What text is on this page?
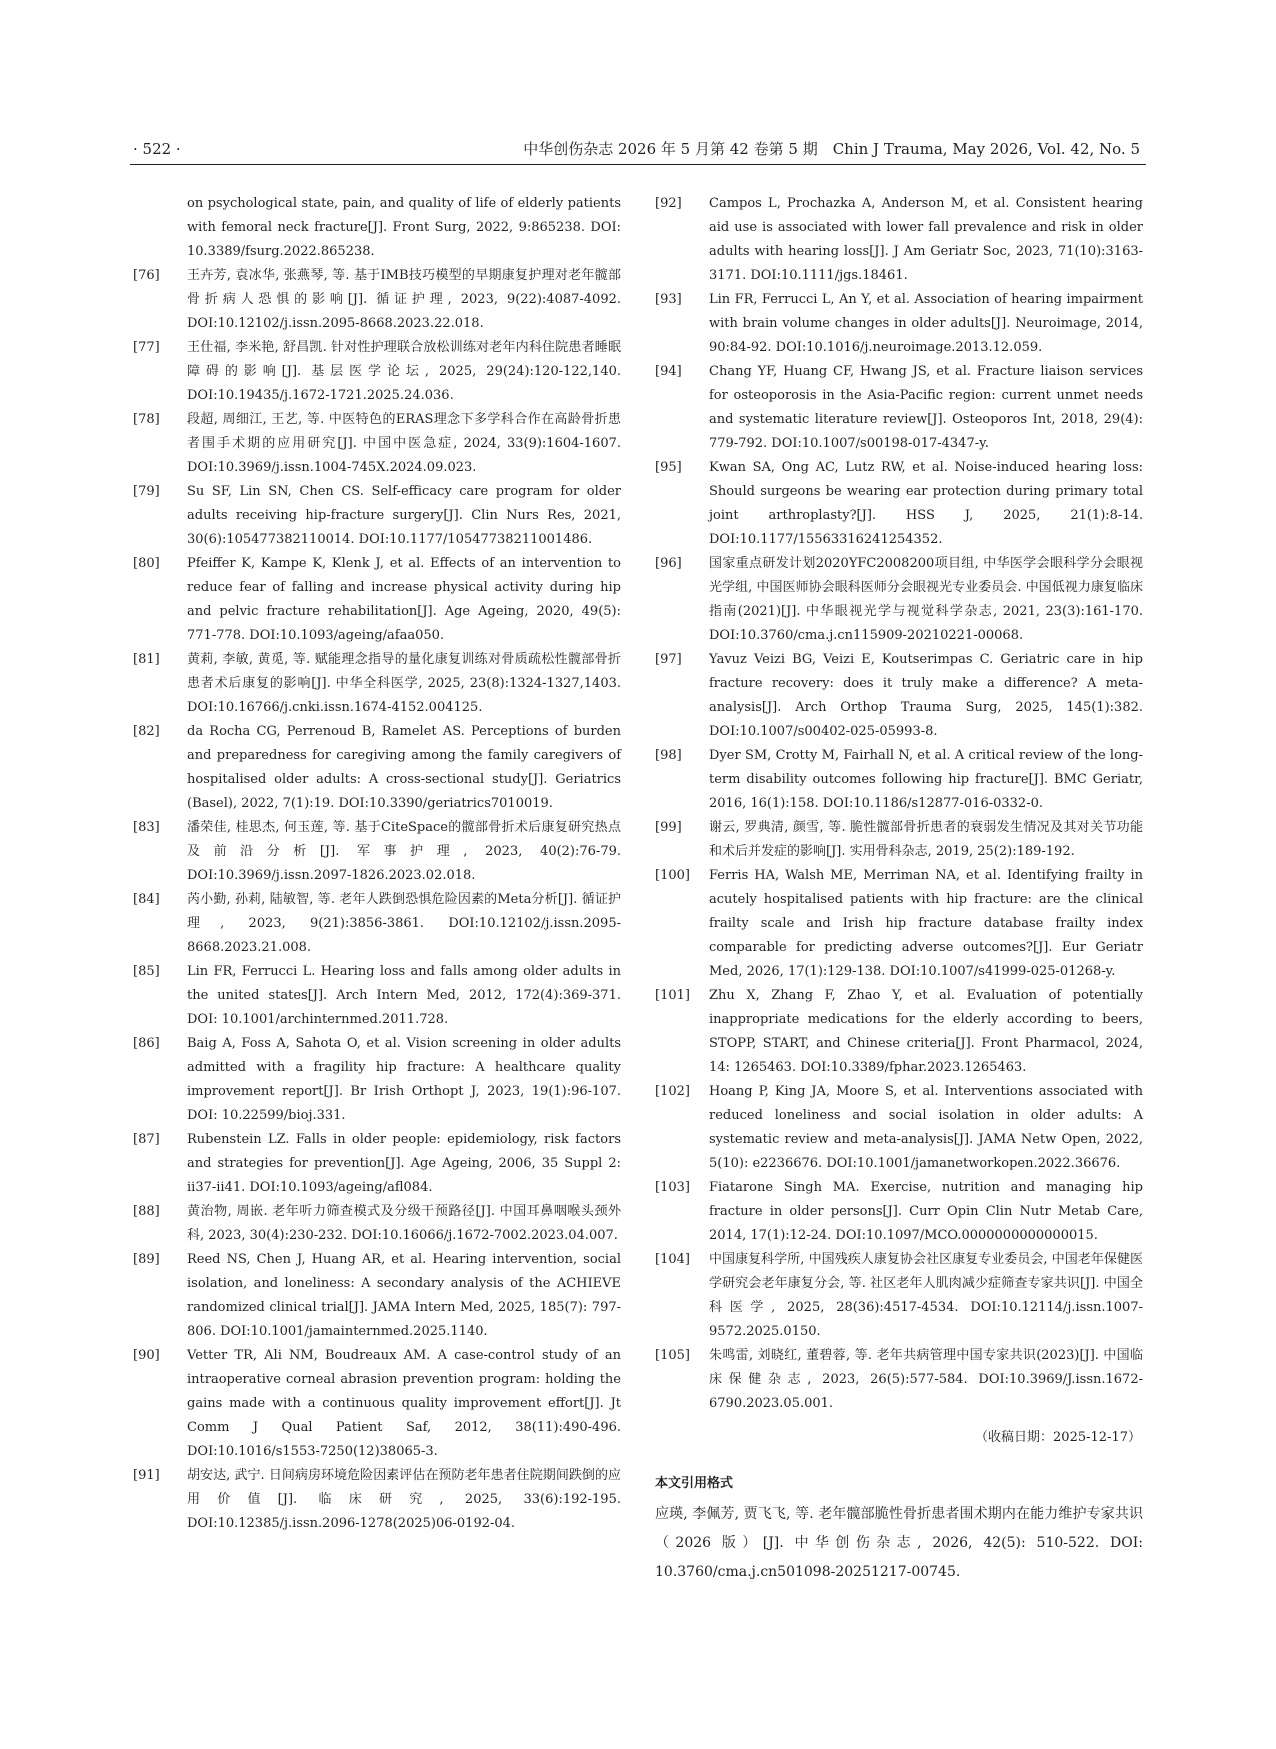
· 522 ·	中华创伤杂志 2026 年 5 月第 42 卷第 5 期　Chin J Trauma, May 2026, Vol. 42, No. 5
on psychological state, pain, and quality of life of elderly patients with femoral neck fracture[J]. Front Surg, 2022, 9:865238. DOI: 10.3389/fsurg.2022.865238.
[76] 王卉芳, 袁冰华, 张燕琴, 等. 基于IMB技巧模型的早期康复护理对老年髋部骨折病人恐惧的影响[J]. 循证护理, 2023, 9(22):4087-4092. DOI:10.12102/j.issn.2095-8668.2023.22.018.
[77] 王仕福, 李米艳, 舒昌凯. 针对性护理联合放松训练对老年内科住院患者睡眠障碍的影响[J]. 基层医学论坛, 2025, 29(24):120-122,140. DOI:10.19435/j.1672-1721.2025.24.036.
[78] 段超, 周细江, 王艺, 等. 中医特色的ERAS理念下多学科合作在高龄骨折患者围手术期的应用研究[J]. 中国中医急症, 2024, 33(9):1604-1607. DOI:10.3969/j.issn.1004-745X.2024.09.023.
[79] Su SF, Lin SN, Chen CS. Self-efficacy care program for older adults receiving hip-fracture surgery[J]. Clin Nurs Res, 2021, 30(6):105477382110014. DOI:10.1177/10547738211001486.
[80] Pfeiffer K, Kampe K, Klenk J, et al. Effects of an intervention to reduce fear of falling and increase physical activity during hip and pelvic fracture rehabilitation[J]. Age Ageing, 2020, 49(5): 771-778. DOI:10.1093/ageing/afaa050.
[81] 黄莉, 李敏, 黄觅, 等. 赋能理念指导的量化康复训练对骨质疏松性髋部骨折患者术后康复的影响[J]. 中华全科医学, 2025, 23(8):1324-1327,1403. DOI:10.16766/j.cnki.issn.1674-4152.004125.
[82] da Rocha CG, Perrenoud B, Ramelet AS. Perceptions of burden and preparedness for caregiving among the family caregivers of hospitalised older adults: A cross-sectional study[J]. Geriatrics (Basel), 2022, 7(1):19. DOI:10.3390/geriatrics7010019.
[83] 潘荣佳, 桂思杰, 何玉莲, 等. 基于CiteSpace的髋部骨折术后康复研究热点及前沿分析[J]. 军事护理, 2023, 40(2):76-79. DOI:10.3969/j.issn.2097-1826.2023.02.018.
[84] 芮小勤, 孙莉, 陆敏智, 等. 老年人跌倒恐惧危险因素的Meta分析[J]. 循证护理, 2023, 9(21):3856-3861. DOI:10.12102/j.issn.2095-8668.2023.21.008.
[85] Lin FR, Ferrucci L. Hearing loss and falls among older adults in the united states[J]. Arch Intern Med, 2012, 172(4):369-371. DOI: 10.1001/archinternmed.2011.728.
[86] Baig A, Foss A, Sahota O, et al. Vision screening in older adults admitted with a fragility hip fracture: A healthcare quality improvement report[J]. Br Irish Orthopt J, 2023, 19(1):96-107. DOI: 10.22599/bioj.331.
[87] Rubenstein LZ. Falls in older people: epidemiology, risk factors and strategies for prevention[J]. Age Ageing, 2006, 35 Suppl 2: ii37-ii41. DOI:10.1093/ageing/afl084.
[88] 黄治物, 周嵌. 老年听力筛查模式及分级干预路径[J]. 中国耳鼻咽喉头颈外科, 2023, 30(4):230-232. DOI:10.16066/j.1672-7002.2023.04.007.
[89] Reed NS, Chen J, Huang AR, et al. Hearing intervention, social isolation, and loneliness: A secondary analysis of the ACHIEVE randomized clinical trial[J]. JAMA Intern Med, 2025, 185(7): 797-806. DOI:10.1001/jamainternmed.2025.1140.
[90] Vetter TR, Ali NM, Boudreaux AM. A case-control study of an intraoperative corneal abrasion prevention program: holding the gains made with a continuous quality improvement effort[J]. Jt Comm J Qual Patient Saf, 2012, 38(11):490-496. DOI:10.1016/s1553-7250(12)38065-3.
[91] 胡安达, 武宁. 日间病房环境危险因素评估在预防老年患者住院期间跌倒的应用价值[J]. 临床研究, 2025, 33(6):192-195. DOI:10.12385/j.issn.2096-1278(2025)06-0192-04.
[92] Campos L, Prochazka A, Anderson M, et al. Consistent hearing aid use is associated with lower fall prevalence and risk in older adults with hearing loss[J]. J Am Geriatr Soc, 2023, 71(10):3163-3171. DOI:10.1111/jgs.18461.
[93] Lin FR, Ferrucci L, An Y, et al. Association of hearing impairment with brain volume changes in older adults[J]. Neuroimage, 2014, 90:84-92. DOI:10.1016/j.neuroimage.2013.12.059.
[94] Chang YF, Huang CF, Hwang JS, et al. Fracture liaison services for osteoporosis in the Asia-Pacific region: current unmet needs and systematic literature review[J]. Osteoporos Int, 2018, 29(4): 779-792. DOI:10.1007/s00198-017-4347-y.
[95] Kwan SA, Ong AC, Lutz RW, et al. Noise-induced hearing loss: Should surgeons be wearing ear protection during primary total joint arthroplasty?[J]. HSS J, 2025, 21(1):8-14. DOI:10.1177/15563316241254352.
[96] 国家重点研发计划2020YFC2008200项目组, 中华医学会眼科学分会眼视光学组, 中国医师协会眼科医师分会眼视光专业委员会. 中国低视力康复临床指南(2021)[J]. 中华眼视光学与视觉科学杂志, 2021, 23(3):161-170. DOI:10.3760/cma.j.cn115909-20210221-00068.
[97] Yavuz Veizi BG, Veizi E, Koutserimpas C. Geriatric care in hip fracture recovery: does it truly make a difference? A meta-analysis[J]. Arch Orthop Trauma Surg, 2025, 145(1):382. DOI:10.1007/s00402-025-05993-8.
[98] Dyer SM, Crotty M, Fairhall N, et al. A critical review of the long-term disability outcomes following hip fracture[J]. BMC Geriatr, 2016, 16(1):158. DOI:10.1186/s12877-016-0332-0.
[99] 谢云, 罗典清, 颜雪, 等. 脆性髋部骨折患者的衰弱发生情况及其对关节功能和术后并发症的影响[J]. 实用骨科杂志, 2019, 25(2):189-192.
[100] Ferris HA, Walsh ME, Merriman NA, et al. Identifying frailty in acutely hospitalised patients with hip fracture: are the clinical frailty scale and Irish hip fracture database frailty index comparable for predicting adverse outcomes?[J]. Eur Geriatr Med, 2026, 17(1):129-138. DOI:10.1007/s41999-025-01268-y.
[101] Zhu X, Zhang F, Zhao Y, et al. Evaluation of potentially inappropriate medications for the elderly according to beers, STOPP, START, and Chinese criteria[J]. Front Pharmacol, 2024, 14: 1265463. DOI:10.3389/fphar.2023.1265463.
[102] Hoang P, King JA, Moore S, et al. Interventions associated with reduced loneliness and social isolation in older adults: A systematic review and meta-analysis[J]. JAMA Netw Open, 2022, 5(10): e2236676. DOI:10.1001/jamanetworkopen.2022.36676.
[103] Fiatarone Singh MA. Exercise, nutrition and managing hip fracture in older persons[J]. Curr Opin Clin Nutr Metab Care, 2014, 17(1):12-24. DOI:10.1097/MCO.0000000000000015.
[104] 中国康复科学所, 中国残疾人康复协会社区康复专业委员会, 中国老年保健医学研究会老年康复分会, 等. 社区老年人肌肉减少症筛查专家共识[J]. 中国全科医学, 2025, 28(36):4517-4534. DOI:10.12114/j.issn.1007-9572.2025.0150.
[105] 朱鸣雷, 刘晓红, 董碧蓉, 等. 老年共病管理中国专家共识(2023)[J]. 中国临床保健杂志, 2023, 26(5):577-584. DOI:10.3969/J.issn.1672-6790.2023.05.001.
（收稿日期：2025-12-17）
本文引用格式
应瑛, 李佩芳, 贾飞飞, 等. 老年髋部脆性骨折患者围术期内在能力维护专家共识（2026 版）[J]. 中华创伤杂志, 2026, 42(5): 510-522. DOI: 10.3760/cma.j.cn501098-20251217-00745.
